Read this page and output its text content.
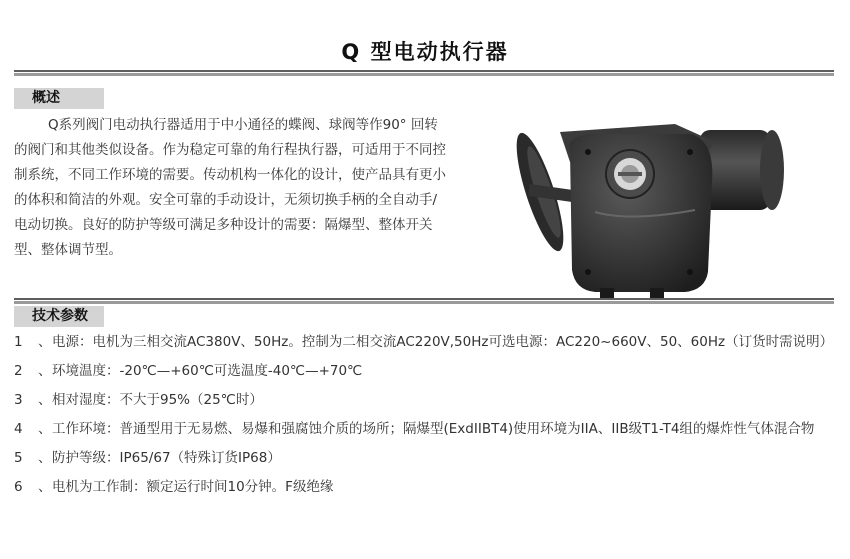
Q 型电动执行器
概述
Q系列阀门电动执行器适用于中小通径的蝶阀、球阀等作90° 回转的阀门和其他类似设备。作为稳定可靠的角行程执行器，可适用于不同控制系统，不同工作环境的需要。传动机构一体化的设计，使产品具有更小的体积和简洁的外观。安全可靠的手动设计，无须切换手柄的全自动手/电动切换。良好的防护等级可满足多种设计的需要：隔爆型、整体开关型、整体调节型。
技术参数
1	、 电源：电机为三相交流AC380V、50Hz。控制为二相交流AC220V,50Hz可选电源：AC220~660V、50、60Hz（订货时需说明）
2	、 环境温度：-20℃—+60℃可选温度-40℃—+70℃
3	、 相对湿度：不大于95%（25℃时）
4	、 工作环境：普通型用于无易燃、易爆和强腐蚀介质的场所；隔爆型(ExdIIBT4)使用环境为IIA、IIB级T1-T4组的爆炸性气体混合物
5	、 防护等级：IP65/67（特殊订货IP68）
6	、 电机为工作制：额定运行时间10分钟。F级绝缘
